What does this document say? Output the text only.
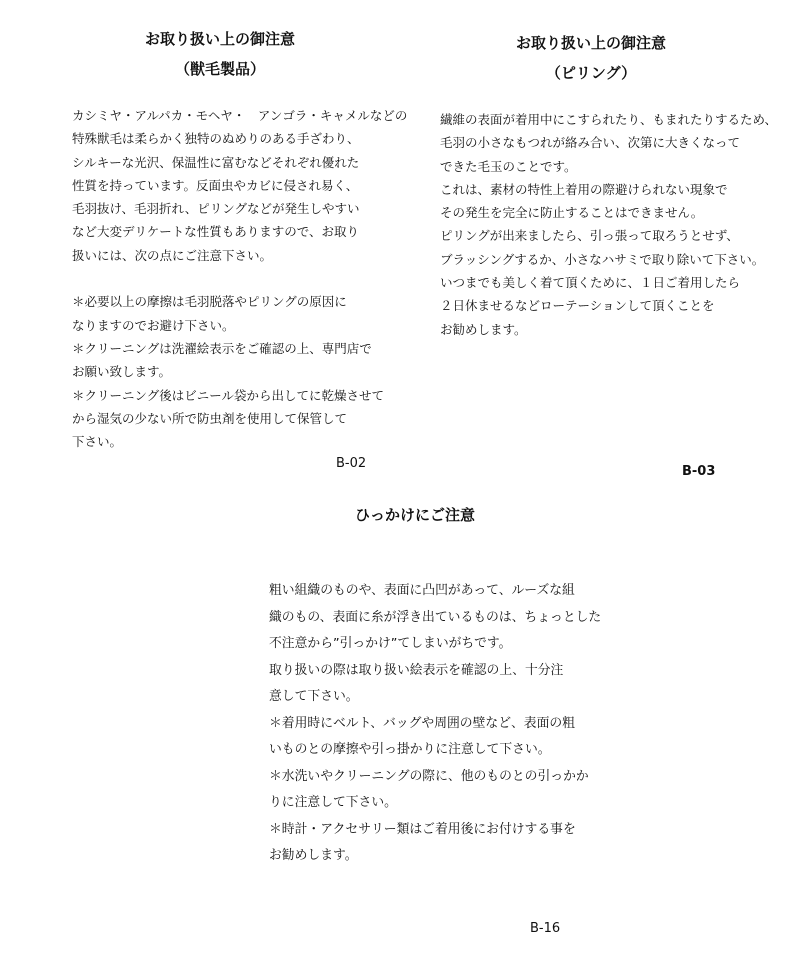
お取り扱い上の御注意
（獣毛製品）
カシミヤ・アルパカ・モヘヤ・　アンゴラ・キャメルなどの
特殊獣毛は柔らかく独特のぬめりのある手ざわり、
シルキーな光沢、保温性に富むなどそれぞれ優れた
性質を持っています。反面虫やカビに侵され易く、
毛羽抜け、毛羽折れ、ピリングなどが発生しやすい
など大変デリケートな性質もありますので、お取り
扱いには、次の点にご注意下さい。
＊必要以上の摩擦は毛羽脱落やピリングの原因に
なりますのでお避け下さい。
＊クリーニングは洗濯絵表示をご確認の上、専門店で
お願い致します。
＊クリーニング後はビニール袋から出してに乾燥させて
から湿気の少ない所で防虫剤を使用して保管して
下さい。
B-02
お取り扱い上の御注意
（ピリング）
繊維の表面が着用中にこすられたり、もまれたりするため、
毛羽の小さなもつれが絡み合い、次第に大きくなって
できた毛玉のことです。
これは、素材の特性上着用の際避けられない現象で
その発生を完全に防止することはできません。
ピリングが出来ましたら、引っ張って取ろうとせず、
ブラッシングするか、小さなハサミで取り除いて下さい。
いつまでも美しく着て頂くために、１日ご着用したら
２日休ませるなどローテーションして頂くことを
お勧めします。
B-03
ひっかけにご注意
粗い組織のものや、表面に凸凹があって、ルーズな組
織のもの、表面に糸が浮き出ているものは、ちょっとした
不注意から”引っかけ”てしまいがちです。
取り扱いの際は取り扱い絵表示を確認の上、十分注
意して下さい。
＊着用時にベルト、バッグや周囲の壁など、表面の粗
いものとの摩擦や引っ掛かりに注意して下さい。
＊水洗いやクリーニングの際に、他のものとの引っかか
りに注意して下さい。
＊時計・アクセサリー類はご着用後にお付けする事を
お勧めします。
B-16
